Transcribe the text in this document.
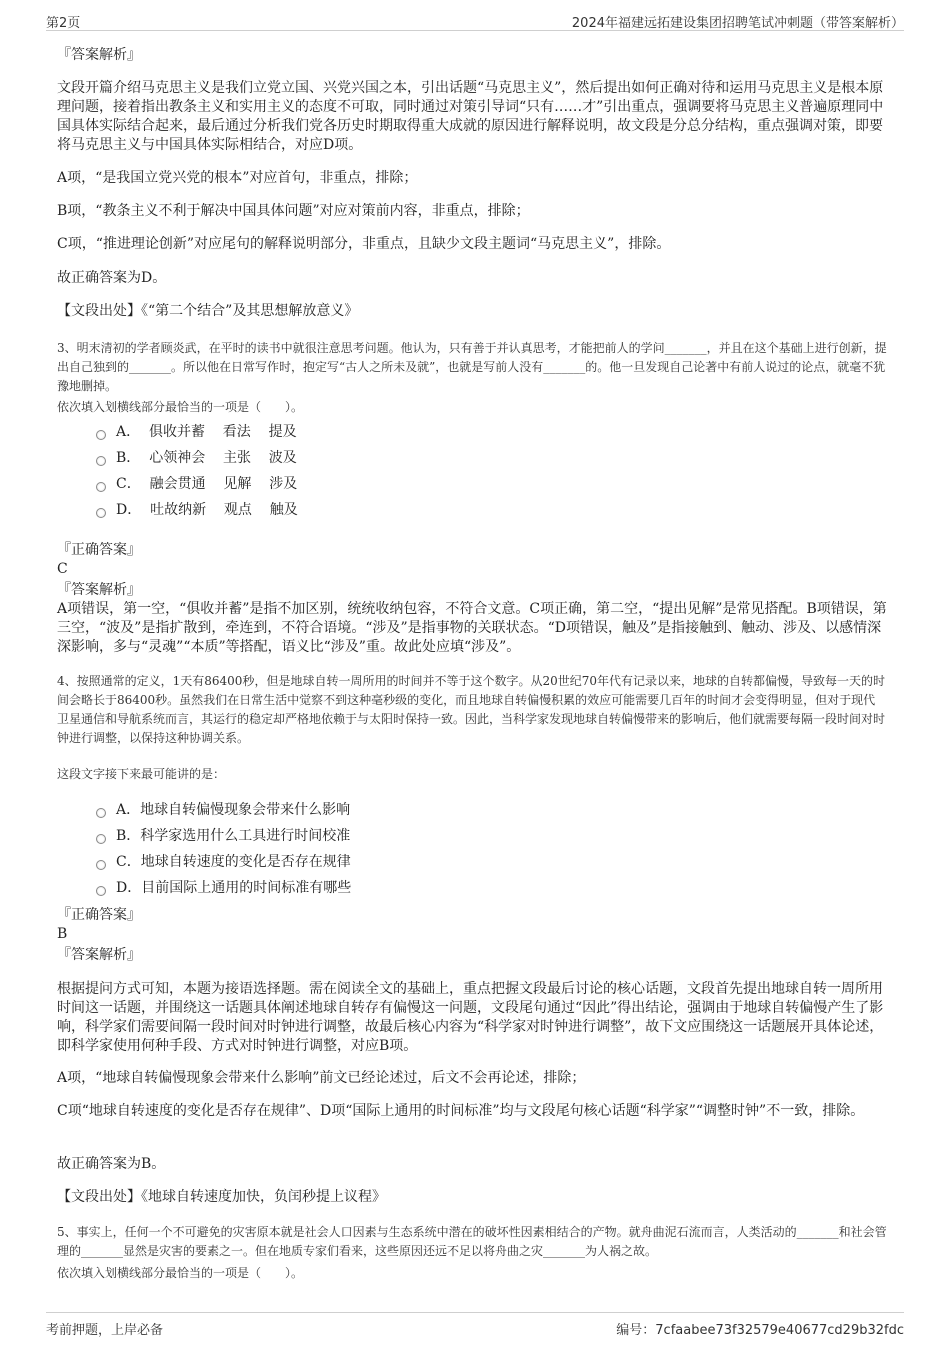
第2页	2024年福建远拓建设集团招聘笔试冲刺题（带答案解析）

『答案解析』

文段开篇介绍马克思主义是我们立党立国、兴党兴国之本，引出话题“马克思主义”，然后提出如何正确对待和运用马克思主义是根本原理问题，接着指出教条主义和实用主义的态度不可取，同时通过对策引导词“只有……才”引出重点，强调要将马克思主义普遍原理同中国具体实际结合起来，最后通过分析我们党各历史时期取得重大成就的原因进行解释说明，故文段是分总分结构，重点强调对策，即要将马克思主义与中国具体实际相结合，对应D项。

A项，“是我国立党兴党的根本”对应首句，非重点，排除；

B项，“教条主义不利于解决中国具体问题”对应对策前内容，非重点，排除；

C项，“推进理论创新”对应尾句的解释说明部分，非重点，且缺少文段主题词“马克思主义”，排除。

故正确答案为D。

【文段出处】《“第二个结合”及其思想解放意义》

3、明末清初的学者顾炎武，在平时的读书中就很注意思考问题。他认为，只有善于并认真思考，才能把前人的学问_______，并且在这个基础上进行创新，提出自己独到的_______。所以他在日常写作时，抱定写“古人之所未及就”，也就是写前人没有_______的。他一旦发现自己论著中有前人说过的论点，就毫不犹豫地删掉。

依次填入划横线部分最恰当的一项是（　　）。

A．  俱收并蓄    看法    提及
B．  心领神会    主张    波及
C．  融会贯通    见解    涉及
D．  吐故纳新    观点    触及

『正确答案』

C

『答案解析』

A项错误，第一空，“俱收并蓄”是指不加区别，统统收纳包容，不符合文意。C项正确，第二空，“提出见解”是常见搭配。B项错误，第三空，“波及”是指扩散到，牵连到，不符合语境。“涉及”是指事物的关联状态。“D项错误，触及”是指接触到、触动、涉及、以感情深深影响，多与“灵魂”“本质”等搭配，语义比“涉及”重。故此处应填“涉及”。

4、按照通常的定义，1天有86400秒，但是地球自转一周所用的时间并不等于这个数字。从20世纪70年代有记录以来，地球的自转都偏慢，导致每一天的时间会略长于86400秒。虽然我们在日常生活中觉察不到这种毫秒级的变化，而且地球自转偏慢积累的效应可能需要几百年的时间才会变得明显，但对于现代卫星通信和导航系统而言，其运行的稳定却严格地依赖于与太阳时保持一致。因此，当科学家发现地球自转偏慢带来的影响后，他们就需要每隔一段时间对时钟进行调整，以保持这种协调关系。

这段文字接下来最可能讲的是：

A．地球自转偏慢现象会带来什么影响
B．科学家选用什么工具进行时间校准
C．地球自转速度的变化是否存在规律
D．目前国际上通用的时间标准有哪些

『正确答案』

B

『答案解析』

根据提问方式可知，本题为接语选择题。需在阅读全文的基础上，重点把握文段最后讨论的核心话题，文段首先提出地球自转一周所用时间这一话题，并围绕这一话题具体阐述地球自转存有偏慢这一问题，文段尾句通过“因此”得出结论，强调由于地球自转偏慢产生了影响，科学家们需要间隔一段时间对时钟进行调整，故最后核心内容为“科学家对时钟进行调整”，故下文应围绕这一话题展开具体论述，即科学家使用何种手段、方式对时钟进行调整，对应B项。

A项，“地球自转偏慢现象会带来什么影响”前文已经论述过，后文不会再论述，排除；

C项“地球自转速度的变化是否存在规律”、D项“国际上通用的时间标准”均与文段尾句核心话题“科学家”“调整时钟”不一致，排除。

故正确答案为B。

【文段出处】《地球自转速度加快，负闰秒提上议程》

5、事实上，任何一个不可避免的灾害原本就是社会人口因素与生态系统中潜在的破坏性因素相结合的产物。就舟曲泥石流而言，人类活动的_______和社会管理的_______显然是灾害的要素之一。但在地质专家们看来，这些原因还远不足以将舟曲之灾_______为人祸之故。

依次填入划横线部分最恰当的一项是（　　）。

考前押题，上岸必备	编号：7cfaabee73f32579e40677cd29b32fdc
